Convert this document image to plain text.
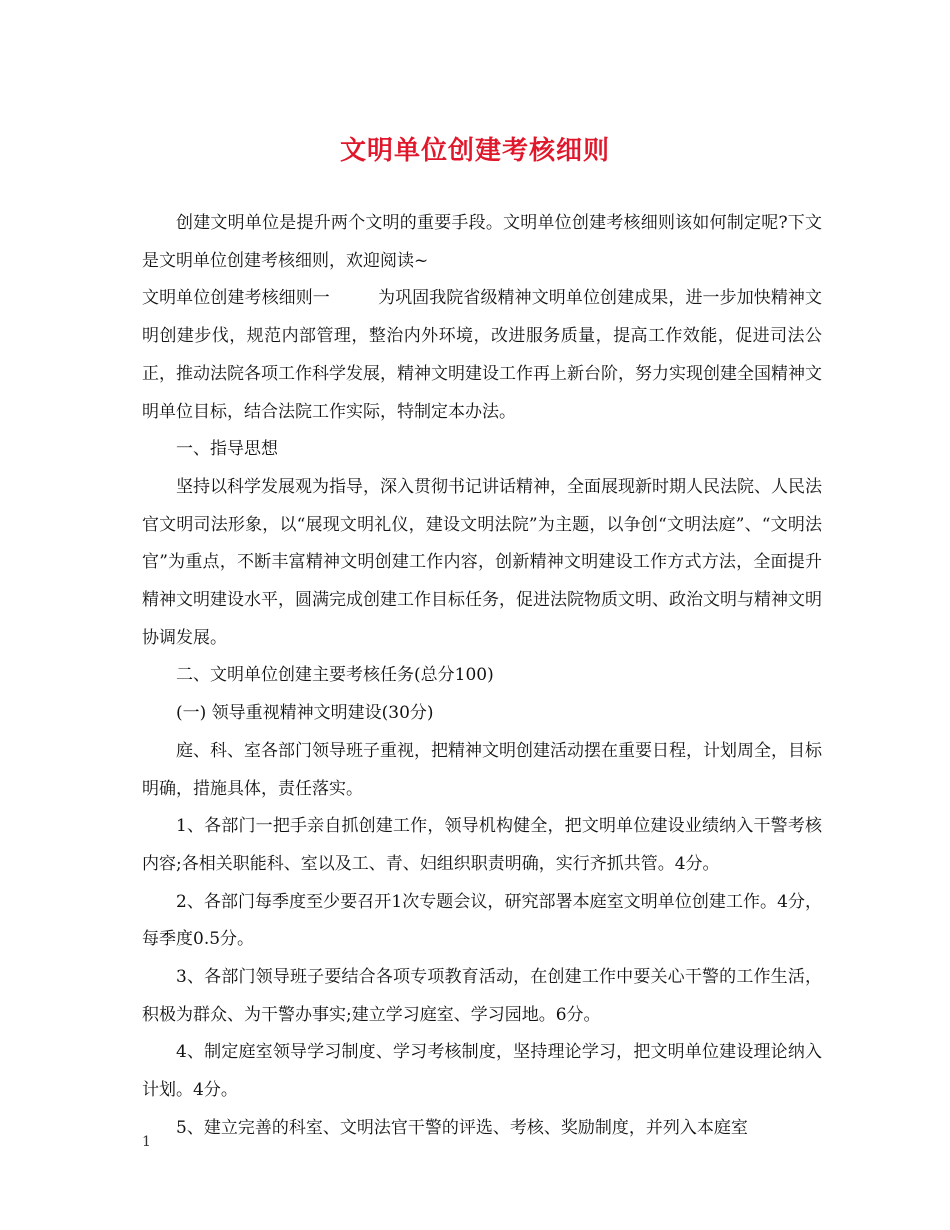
文明单位创建考核细则

创建文明单位是提升两个文明的重要手段。文明单位创建考核细则该如何制定呢?下文是文明单位创建考核细则，欢迎阅读~

文明单位创建考核细则一	为巩固我院省级精神文明单位创建成果，进一步加快精神文明创建步伐，规范内部管理，整治内外环境，改进服务质量，提高工作效能，促进司法公正，推动法院各项工作科学发展，精神文明建设工作再上新台阶，努力实现创建全国精神文明单位目标，结合法院工作实际，特制定本办法。

一、指导思想

坚持以科学发展观为指导，深入贯彻书记讲话精神，全面展现新时期人民法院、人民法官文明司法形象，以“展现文明礼仪，建设文明法院”为主题，以争创“文明法庭”、“文明法官”为重点，不断丰富精神文明创建工作内容，创新精神文明建设工作方式方法，全面提升精神文明建设水平，圆满完成创建工作目标任务，促进法院物质文明、政治文明与精神文明协调发展。

二、文明单位创建主要考核任务(总分100)

(一) 领导重视精神文明建设(30分)

庭、科、室各部门领导班子重视，把精神文明创建活动摆在重要日程，计划周全，目标明确，措施具体，责任落实。

1、各部门一把手亲自抓创建工作，领导机构健全，把文明单位建设业绩纳入干警考核内容;各相关职能科、室以及工、青、妇组织职责明确，实行齐抓共管。4分。

2、各部门每季度至少要召开1次专题会议，研究部署本庭室文明单位创建工作。4分，每季度0.5分。

3、各部门领导班子要结合各项专项教育活动，在创建工作中要关心干警的工作生活，积极为群众、为干警办事实;建立学习庭室、学习园地。6分。

4、制定庭室领导学习制度、学习考核制度，坚持理论学习，把文明单位建设理论纳入计划。4分。

5、建立完善的科室、文明法官干警的评选、考核、奖励制度，并列入本庭室

1
